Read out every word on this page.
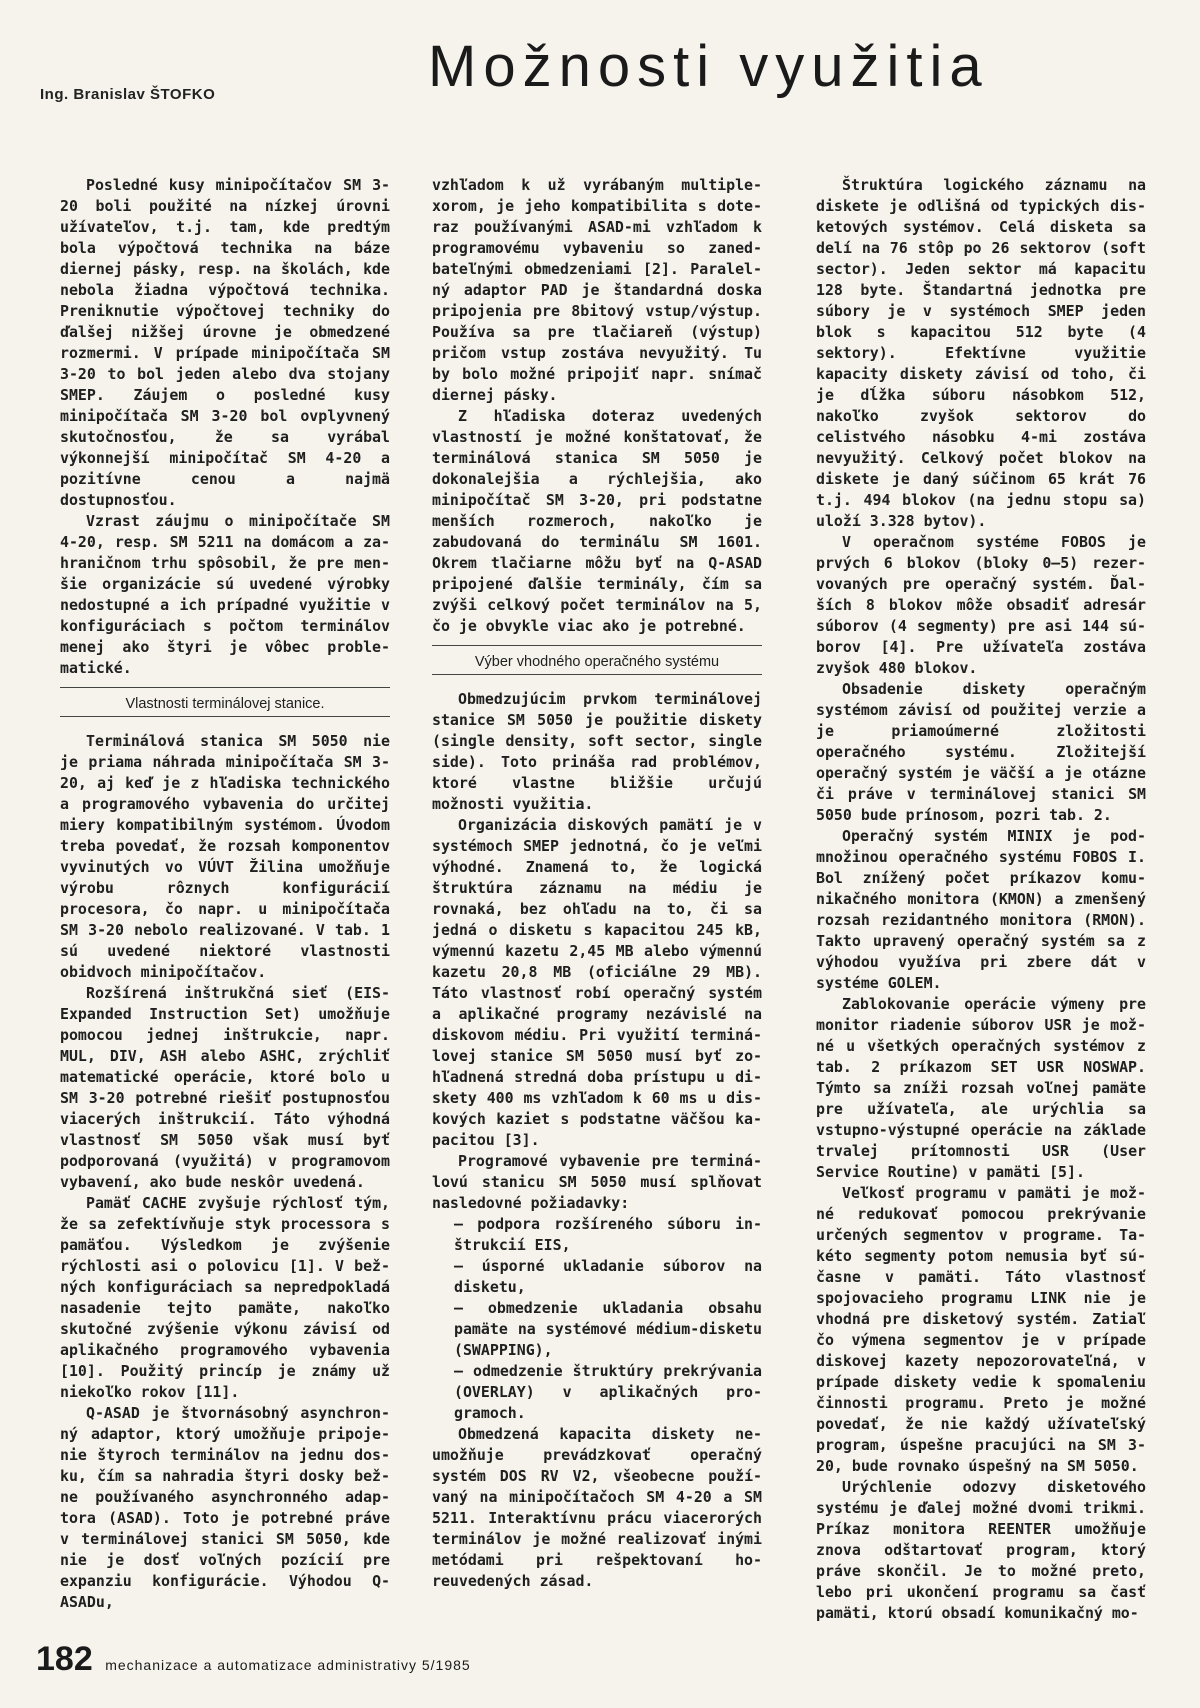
Ing. Branislav ŠTOFKO	Možnosti využitia

Posledné kusy minipočítačov SM 3-20 boli použité na nízkej úrovni užívateľov, t.j. tam, kde predtým bola výpočtová technika na báze diernej pásky, resp. na školách, kde nebola žiadna výpočtová technika. Preniknutie výpočtovej techniky do ďalšej nižšej úrovne je obmedzené rozmermi. V prípade minipočítača SM 3-20 to bol jeden alebo dva stojany SMEP. Záujem o posledné kusy minipočítača SM 3-20 bol ovplyvnený skutočnosťou, že sa vyrábal výkonnejší minipočítač SM 4-20 a pozitívne cenou a najmä dostupnosťou.

Vzrast záujmu o minipočítače SM 4-20, resp. SM 5211 na domácom a zahraničnom trhu spôsobil, že pre menšie organizácie sú uvedené výrobky nedostupné a ich prípadné využitie v konfiguráciach s počtom terminálov menej ako štyri je vôbec problematické.

Vlastnosti terminálovej stanice.

Terminálová stanica SM 5050 nie je priama náhrada minipočítača SM 3-20, aj keď je z hľadiska technického a programového vybavenia do určitej miery kompatibilným systémom. Úvodom treba povedať, že rozsah komponentov vyvinutých vo VÚVT Žilina umožňuje výrobu rôznych konfigurácií procesora, čo napr. u minipočítača SM 3-20 nebolo realizované. V tab. 1 sú uvedené niektoré vlastnosti obidvoch minipočítačov.

Rozšírená inštrukčná sieť (EIS-Expanded Instruction Set) umožňuje pomocou jednej inštrukcie, napr. MUL, DIV, ASH alebo ASHC, zrýchliť matematické operácie, ktoré bolo u SM 3-20 potrebné riešiť postupnosťou viacerých inštrukcií. Táto výhodná vlastnosť SM 5050 však musí byť podporovaná (využitá) v programovom vybavení, ako bude neskôr uvedená.

Pamäť CACHE zvyšuje rýchlosť tým, že sa zefektívňuje styk processora s pamäťou. Výsledkom je zvýšenie rýchlosti asi o polovicu [1]. V bežných konfiguráciach sa nepredpokladá nasadenie tejto pamäte, nakoľko skutočné zvýšenie výkonu závisí od aplikačného programového vybavenia [10]. Použitý princíp je známy už niekoľko rokov [11].

Q-ASAD je štvornásobný asynchronný adaptor, ktorý umožňuje pripojenie štyroch terminálov na jednu dosku, čím sa nahradia štyri dosky bežne používaného asynchronného adaptora (ASAD). Toto je potrebné práve v terminálovej stanici SM 5050, kde nie je dosť voľných pozícií pre expanziu konfigurácie. Výhodou Q-ASADu,

vzhľadom k už vyrábaným multiplexorom, je jeho kompatibilita s doteraz používanými ASAD-mi vzhľadom k programovému vybaveniu so zanedbateľnými obmedzeniami [2]. Paralelný adaptor PAD je štandardná doska pripojenia pre 8bitový vstup/výstup. Používa sa pre tlačiareň (výstup) pričom vstup zostáva nevyužitý. Tu by bolo možné pripojiť napr. snímač diernej pásky.

Z hľadiska doteraz uvedených vlastností je možné konštatovať, že terminálová stanica SM 5050 je dokonalejšia a rýchlejšia, ako minipočítač SM 3-20, pri podstatne menších rozmeroch, nakoľko je zabudovaná do terminálu SM 1601. Okrem tlačiarne môžu byť na Q-ASAD pripojené ďalšie terminály, čím sa zvýši celkový počet terminálov na 5, čo je obvykle viac ako je potrebné.

Výber vhodného operačného systému

Obmedzujúcim prvkom terminálovej stanice SM 5050 je použitie diskety (single density, soft sector, single side). Toto prináša rad problémov, ktoré vlastne bližšie určujú možnosti využitia.

Organizácia diskových pamätí je v systémoch SMEP jednotná, čo je veľmi výhodné. Znamená to, že logická štruktúra záznamu na médiu je rovnaká, bez ohľadu na to, či sa jedná o disketu s kapacitou 245 kB, výmennú kazetu 2,45 MB alebo výmennú kazetu 20,8 MB (oficiálne 29 MB). Táto vlastnosť robí operačný systém a aplikačné programy nezávislé na diskovom médiu. Pri využití terminálovej stanice SM 5050 musí byť zohľadnená stredná doba prístupu u diskety 400 ms vzhľadom k 60 ms u diskových kaziet s podstatne väčšou kapacitou [3].

Programové vybavenie pre terminálovú stanicu SM 5050 musí splňovat nasledovné požiadavky:

— podpora rozšíreného súboru inštrukcií EIS,

— úsporné ukladanie súborov na disketu,

— obmedzenie ukladania obsahu pamäte na systémové médium-disketu (SWAPPING),

— odmedzenie štruktúry prekrývania (OVERLAY) v aplikačných programoch.

Obmedzená kapacita diskety neumožňuje prevádzkovať operačný systém DOS RV V2, všeobecne používaný na minipočítačoch SM 4-20 a SM 5211. Interaktívnu prácu viacerorých terminálov je možné realizovať inými metódami pri rešpektovaní horeuvedených zásad.

Štruktúra logického záznamu na diskete je odlišná od typických disketových systémov. Celá disketa sa delí na 76 stôp po 26 sektorov (soft sector). Jeden sektor má kapacitu 128 byte. Štandartná jednotka pre súbory je v systémoch SMEP jeden blok s kapacitou 512 byte (4 sektory). Efektívne využitie kapacity diskety závisí od toho, či je dĺžka súboru násobkom 512, nakoľko zvyšok sektorov do celistvého násobku 4-mi zostáva nevyužitý. Celkový počet blokov na diskete je daný súčinom 65 krát 76 t.j. 494 blokov (na jednu stopu sa) uloží 3.328 bytov).

V operačnom systéme FOBOS je prvých 6 blokov (bloky 0—5) rezervovaných pre operačný systém. Ďalších 8 blokov môže obsadiť adresár súborov (4 segmenty) pre asi 144 súborov [4]. Pre užívateľa zostáva zvyšok 480 blokov.

Obsadenie diskety operačným systémom závisí od použitej verzie a je priamoúmerné zložitosti operačného systému. Zložitejší operačný systém je väčší a je otázne či práve v terminálovej stanici SM 5050 bude prínosom, pozri tab. 2.

Operačný systém MINIX je podmnožinou operačného systému FOBOS I. Bol znížený počet príkazov komunikačného monitora (KMON) a zmenšený rozsah rezidantného monitora (RMON). Takto upravený operačný systém sa z výhodou využíva pri zbere dát v systéme GOLEM.

Zablokovanie operácie výmeny pre monitor riadenie súborov USR je možné u všetkých operačných systémov z tab. 2 príkazom SET USR NOSWAP. Týmto sa zníži rozsah voľnej pamäte pre užívateľa, ale urýchlia sa vstupno-výstupné operácie na základe trvalej prítomnosti USR (User Service Routine) v pamäti [5].

Veľkosť programu v pamäti je možné redukovať pomocou prekrývanie určených segmentov v programe. Takéto segmenty potom nemusia byť súčasne v pamäti. Táto vlastnosť spojovacieho programu LINK nie je vhodná pre disketový systém. Zatiaľ čo výmena segmentov je v prípade diskovej kazety nepozorovateľná, v prípade diskety vedie k spomaleniu činnosti programu. Preto je možné povedať, že nie každý užívateľský program, úspešne pracujúci na SM 3-20, bude rovnako úspešný na SM 5050.

Urýchlenie odozvy disketového systému je ďalej možné dvomi trikmi. Príkaz monitora REENTER umožňuje znova odštartovať program, ktorý práve skončil. Je to možné preto, lebo pri ukončení programu sa časť pamäti, ktorú obsadí komunikačný mo-

182 mechanizace a automatizace administrativy 5/1985
